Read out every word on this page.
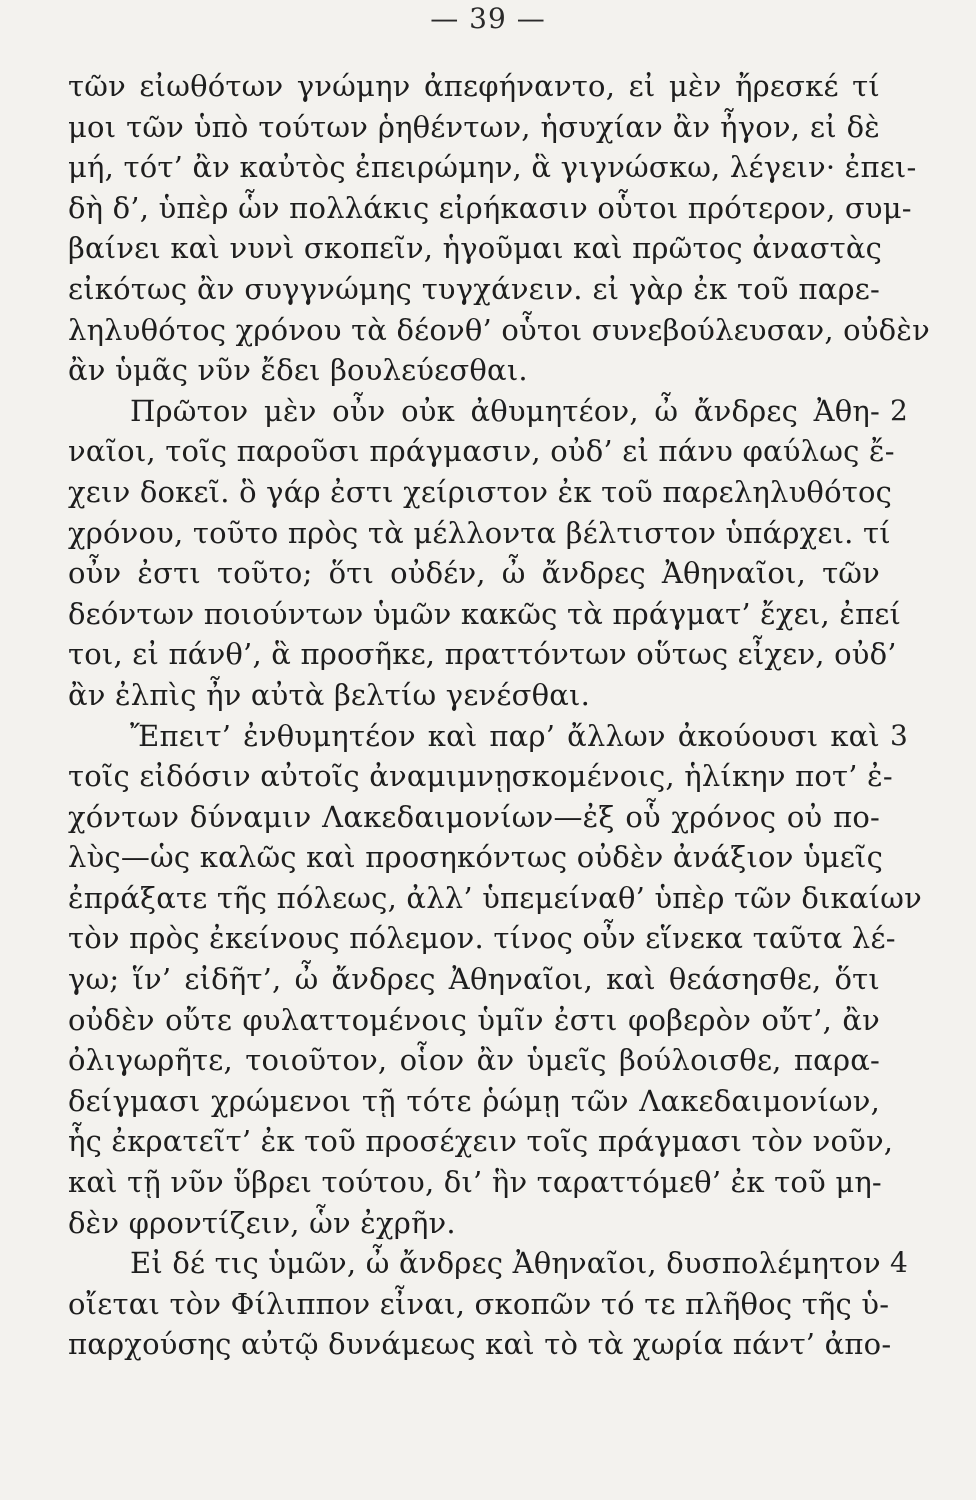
— 39 —
τῶν εἰωθότων γνώμην ἀπεφήναντο, εἰ μὲν ἤρεσκέ τί
μοι τῶν ὑπὸ τούτων ῥηθέντων, ἡσυχίαν ἂν ἦγον, εἰ δὲ
μή, τότ’ ἂν καὐτὸς ἐπειρώμην, ἃ γιγνώσκω, λέγειν· ἐπει-
δὴ δ’, ὑπὲρ ὧν πολλάκις εἰρήκασιν οὗτοι πρότερον, συμ-
βαίνει καὶ νυνὶ σκοπεῖν, ἡγοῦμαι καὶ πρῶτος ἀναστὰς
εἰκότως ἂν συγγνώμης τυγχάνειν. εἰ γὰρ ἐκ τοῦ παρε-
ληλυθότος χρόνου τὰ δέονθ’ οὗτοι συνεβούλευσαν, οὐδὲν
ἂν ὑμᾶς νῦν ἔδει βουλεύεσθαι.
Πρῶτον μὲν οὖν οὐκ ἀθυμητέον, ὦ ἄνδρες Ἀθη- 2
ναῖοι, τοῖς παροῦσι πράγμασιν, οὐδ’ εἰ πάνυ φαύλως ἔ-
χειν δοκεῖ. ὃ γάρ ἐστι χείριστον ἐκ τοῦ παρεληλυθότος
χρόνου, τοῦτο πρὸς τὰ μέλλοντα βέλτιστον ὑπάρχει. τί
οὖν ἐστι τοῦτο; ὅτι οὐδέν, ὦ ἄνδρες Ἀθηναῖοι, τῶν
δεόντων ποιούντων ὑμῶν κακῶς τὰ πράγματ’ ἔχει, ἐπεί
τοι, εἰ πάνθ’, ἃ προσῆκε, πραττόντων οὕτως εἶχεν, οὐδ’
ἂν ἐλπὶς ἦν αὐτὰ βελτίω γενέσθαι.
Ἔπειτ’ ἐνθυμητέον καὶ παρ’ ἄλλων ἀκούουσι καὶ 3
τοῖς εἰδόσιν αὐτοῖς ἀναμιμνῃσκομένοις, ἡλίκην ποτ’ ἐ-
χόντων δύναμιν Λακεδαιμονίων—ἐξ οὗ χρόνος οὐ πο-
λὺς—ὡς καλῶς καὶ προσηκόντως οὐδὲν ἀνάξιον ὑμεῖς
ἐπράξατε τῆς πόλεως, ἀλλ’ ὑπεμείναθ’ ὑπὲρ τῶν δικαίων
τὸν πρὸς ἐκείνους πόλεμον. τίνος οὖν εἵνεκα ταῦτα λέ-
γω; ἵν’ εἰδῆτ’, ὦ ἄνδρες Ἀθηναῖοι, καὶ θεάσησθε, ὅτι
οὐδὲν οὔτε φυλαττομένοις ὑμῖν ἐστι φοβερὸν οὔτ’, ἂν
ὀλιγωρῆτε, τοιοῦτον, οἷον ἂν ὑμεῖς βούλοισθε, παρα-
δείγμασι χρώμενοι τῇ τότε ῥώμῃ τῶν Λακεδαιμονίων,
ἧς ἐκρατεῖτ’ ἐκ τοῦ προσέχειν τοῖς πράγμασι τὸν νοῦν,
καὶ τῇ νῦν ὕβρει τούτου, δι’ ἣν ταραττόμεθ’ ἐκ τοῦ μη-
δὲν φροντίζειν, ὧν ἐχρῆν.
Εἰ δέ τις ὑμῶν, ὦ ἄνδρες Ἀθηναῖοι, δυσπολέμητον 4
οἴεται τὸν Φίλιππον εἶναι, σκοπῶν τό τε πλῆθος τῆς ὑ-
παρχούσης αὐτῷ δυνάμεως καὶ τὸ τὰ χωρία πάντ’ ἀπο-
